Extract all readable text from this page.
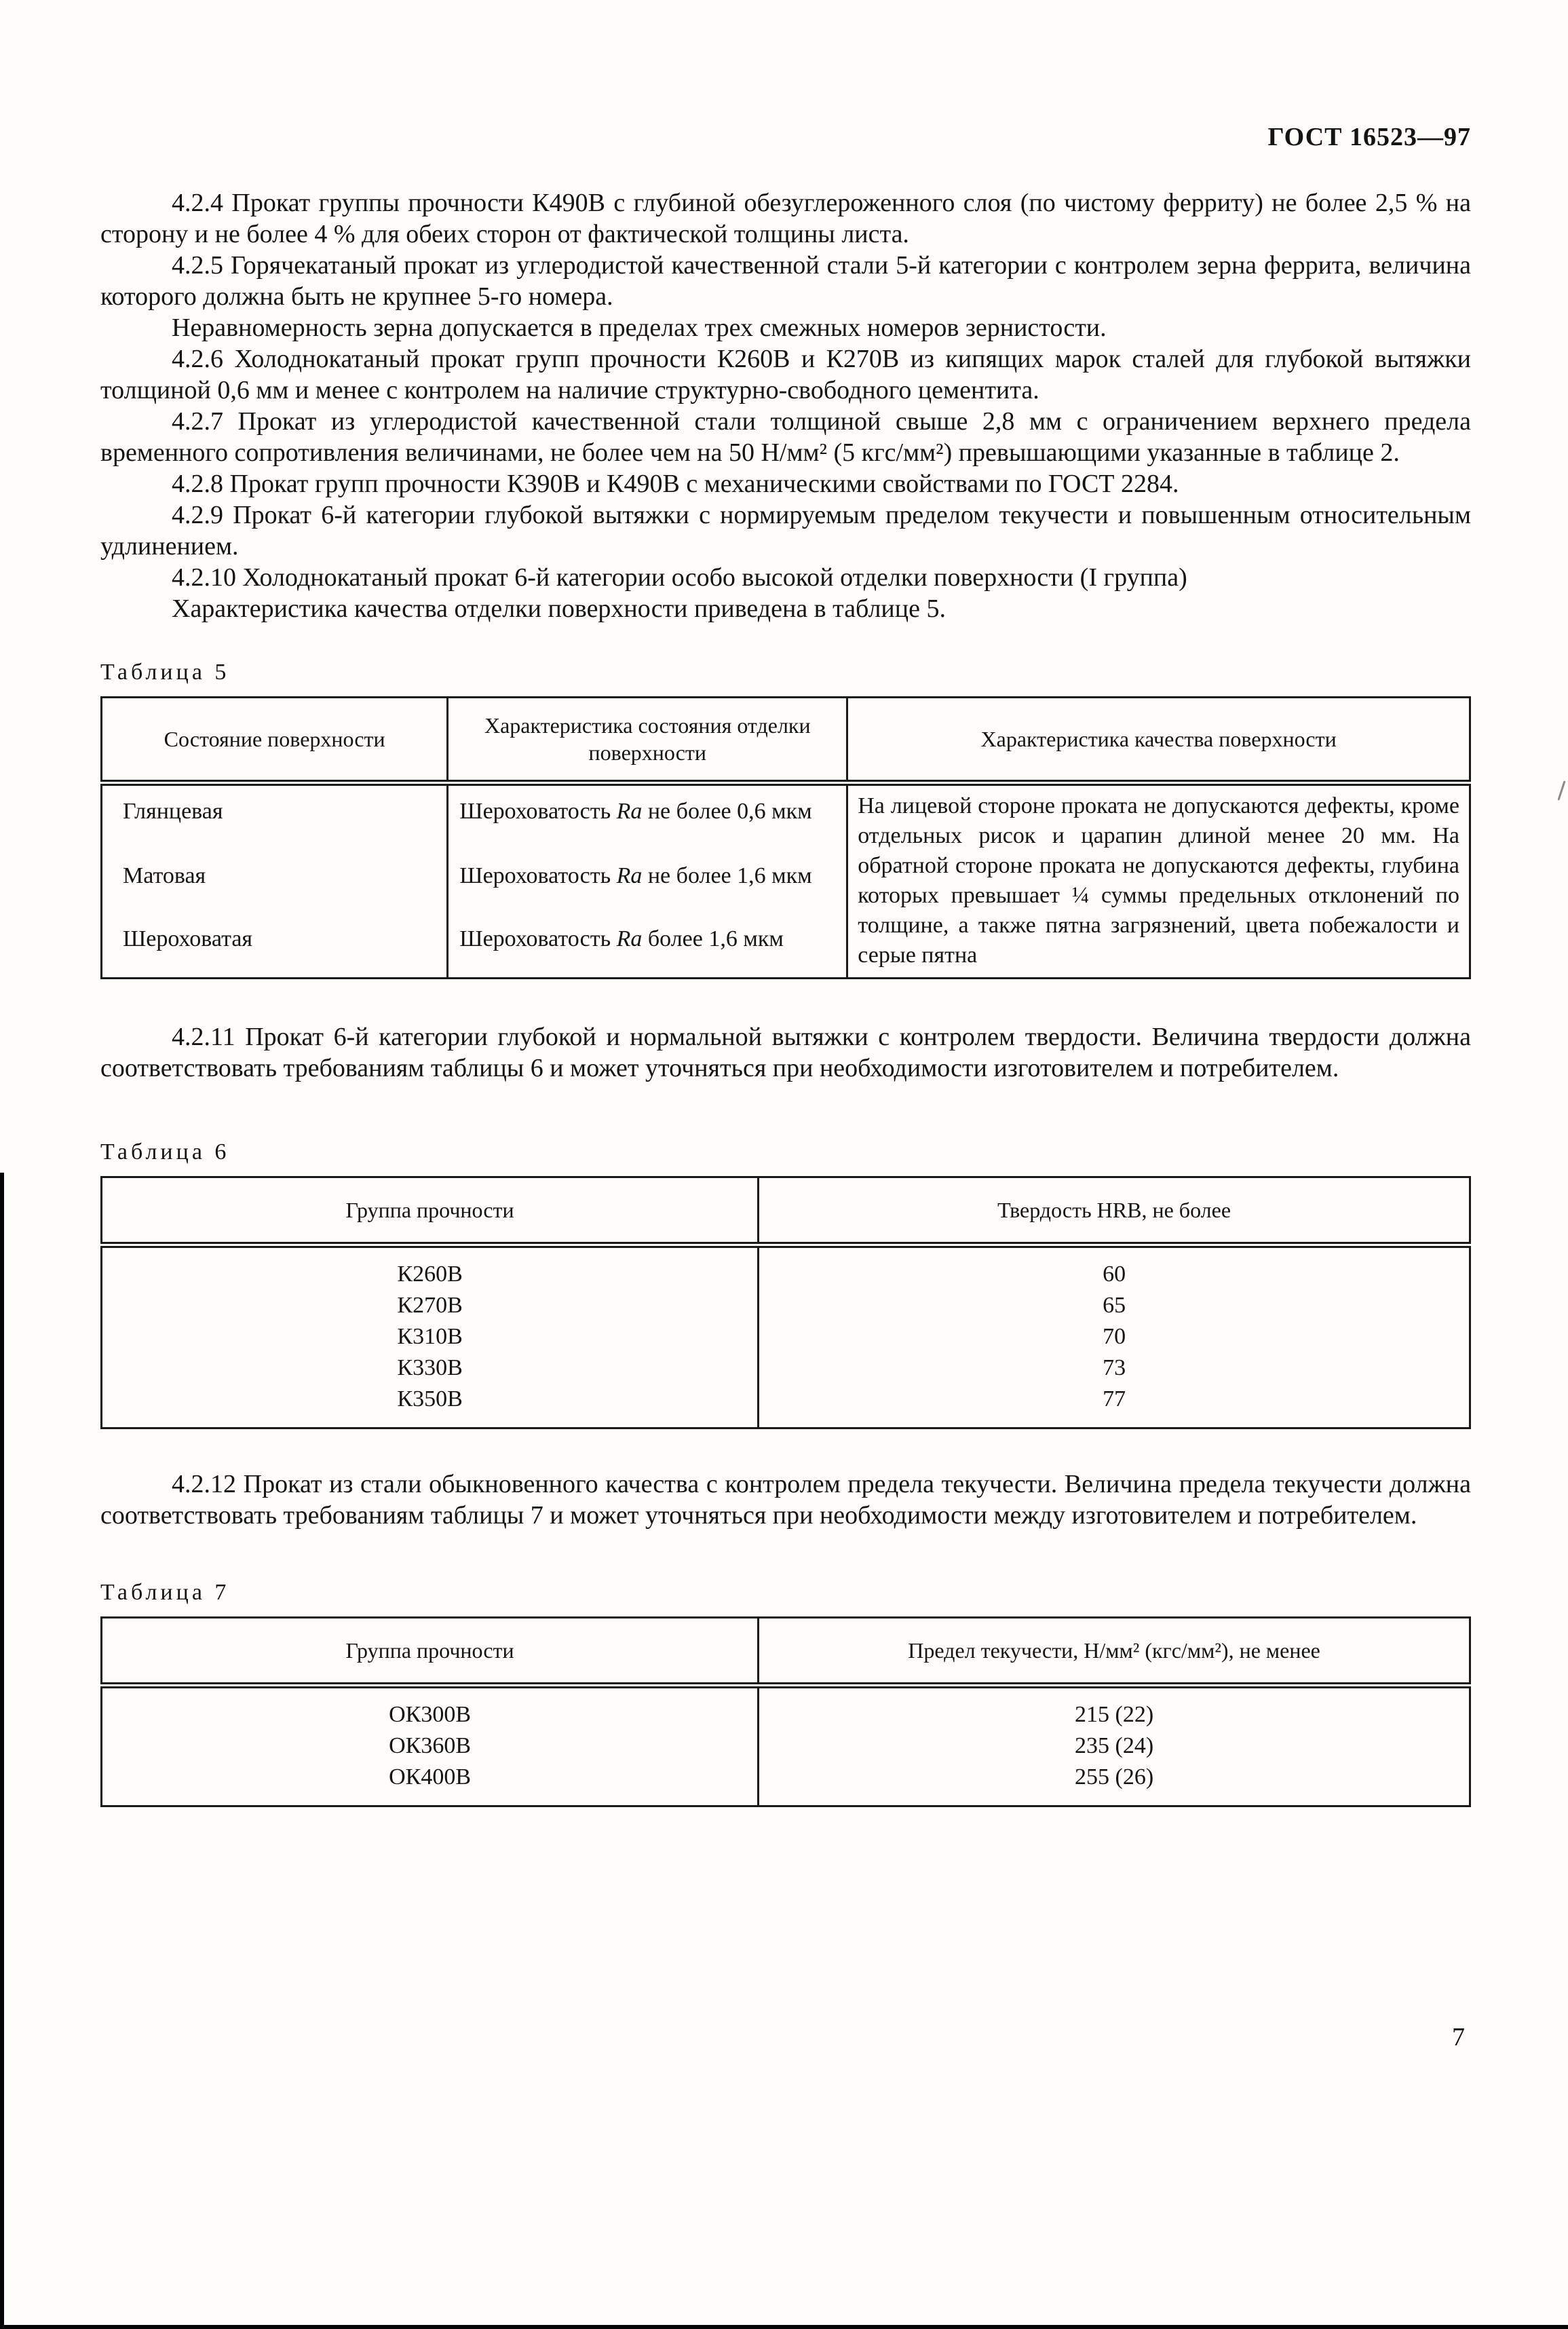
ГОСТ 16523—97

4.2.4 Прокат группы прочности К490В с глубиной обезуглероженного слоя (по чистому ферриту) не более 2,5 % на сторону и не более 4 % для обеих сторон от фактической толщины листа.

4.2.5 Горячекатаный прокат из углеродистой качественной стали 5-й категории с контролем зерна феррита, величина которого должна быть не крупнее 5-го номера.

Неравномерность зерна допускается в пределах трех смежных номеров зернистости.

4.2.6 Холоднокатаный прокат групп прочности К260В и К270В из кипящих марок сталей для глубокой вытяжки толщиной 0,6 мм и менее с контролем на наличие структурно-свободного цементита.

4.2.7 Прокат из углеродистой качественной стали толщиной свыше 2,8 мм с ограничением верхнего предела временного сопротивления величинами, не более чем на 50 Н/мм² (5 кгс/мм²) превышающими указанные в таблице 2.

4.2.8 Прокат групп прочности К390В и К490В с механическими свойствами по ГОСТ 2284.

4.2.9 Прокат 6-й категории глубокой вытяжки с нормируемым пределом текучести и повышенным относительным удлинением.

4.2.10 Холоднокатаный прокат 6-й категории особо высокой отделки поверхности (I группа)

Характеристика качества отделки поверхности приведена в таблице 5.

Таблица 5

Состояние поверхности	Характеристика состояния отделки поверхности	Характеристика качества поверхности
Глянцевая	Шероховатость Ra не более 0,6 мкм	На лицевой стороне проката не допускаются дефекты, кроме отдельных рисок и царапин длиной менее 20 мм. На обратной стороне проката не допускаются дефекты, глубина которых превышает ¼ суммы предельных отклонений по толщине, а также пятна загрязнений, цвета побежалости и серые пятна
Матовая	Шероховатость Ra не более 1,6 мкм	
Шероховатая	Шероховатость Ra более 1,6 мкм	

4.2.11 Прокат 6-й категории глубокой и нормальной вытяжки с контролем твердости. Величина твердости должна соответствовать требованиям таблицы 6 и может уточняться при необходимости изготовителем и потребителем.

Таблица 6

Группа прочности	Твердость HRB, не более
К260В	60
К270В	65
К310В	70
К330В	73
К350В	77

4.2.12 Прокат из стали обыкновенного качества с контролем предела текучести. Величина предела текучести должна соответствовать требованиям таблицы 7 и может уточняться при необходимости между изготовителем и потребителем.

Таблица 7

Группа прочности	Предел текучести, Н/мм² (кгс/мм²), не менее
ОК300В	215 (22)
ОК360В	235 (24)
ОК400В	255 (26)
7
